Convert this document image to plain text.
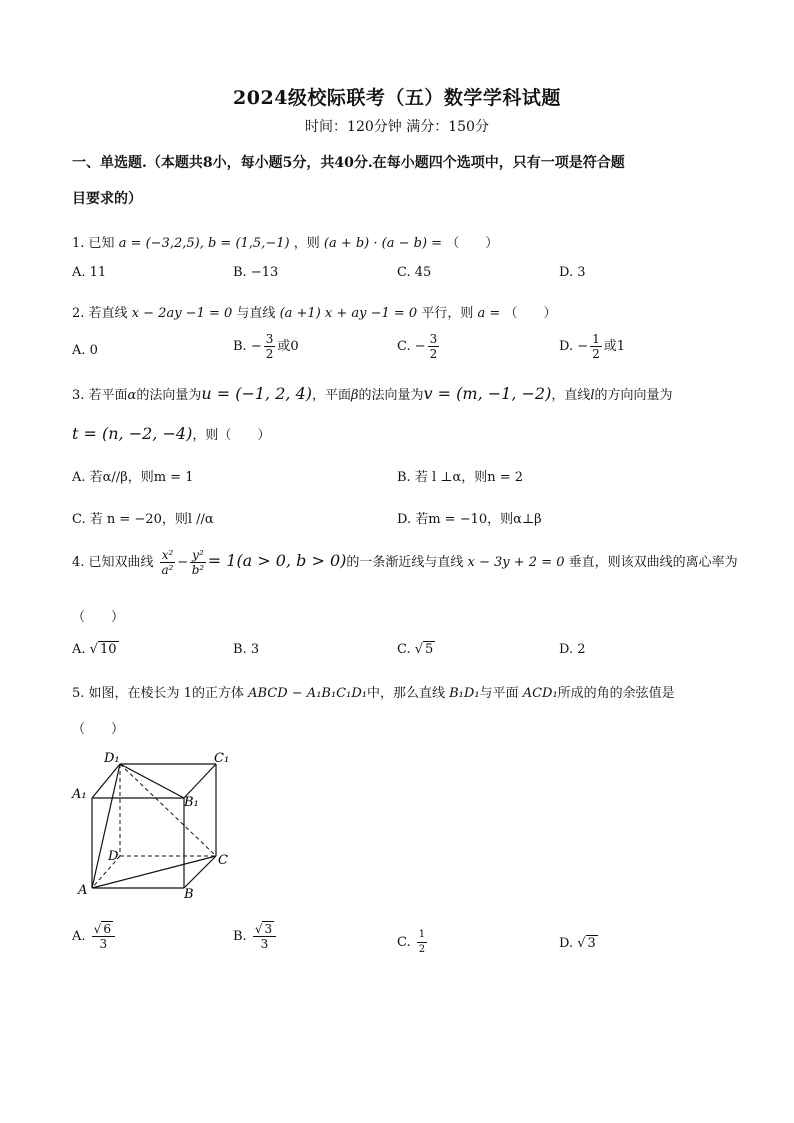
2024级校际联考（五）数学学科试题
时间：120分钟 满分：150分
一、单选题.（本题共8小，每小题5分，共40分.在每小题四个选项中，只有一项是符合题
目要求的）
1. 已知 a = (−3,2,5), b = (1,5,−1) ，则 (a + b) · (a − b) = （　　）
A. 11	B. −13	C. 45	D. 3
2. 若直线 x − 2ay −1 = 0 与直线 (a +1) x + ay −1 = 0 平行，则 a = （　　）
A. 0	B. − $\frac{3}{2}$ 或0	C. − $\frac{3}{2}$	D. − $\frac{1}{2}$ 或1
3. 若平面α的法向量为u = (−1, 2, 4)，平面β的法向量为v = (m, −1, −2)，直线l的方向向量为
t = (n, −2, −4)，则（　　）
A. 若α//β，则m = 1	B. 若 l ⊥α，则n = 2
C. 若 n = −20，则l //α	D. 若m = −10，则α⊥β
4. 已知双曲线 $\frac{\text{x²}}{\text{a²}} - \frac{\text{y²}}{\text{b²}} = 1(a > 0$, b > 0)的一条渐近线与直线 x − 3y + 2 = 0 垂直，则该双曲线的离心率为
（　　）
A. √ 10	B. 3	C. √ 5	D. 2
5. 如图，在棱长为 1的正方体 ABCD − A₁B₁C₁D₁中，那么直线 B₁D₁与平面 ACD₁所成的角的余弦值是
（　　）
D₁	C₁
A₁
B₁
D	C
A	B
A. $\frac{√ 6}{3}$	B. $\frac{√ 3}{3}$	C. $\frac{1}{2}$	D. √ 3
